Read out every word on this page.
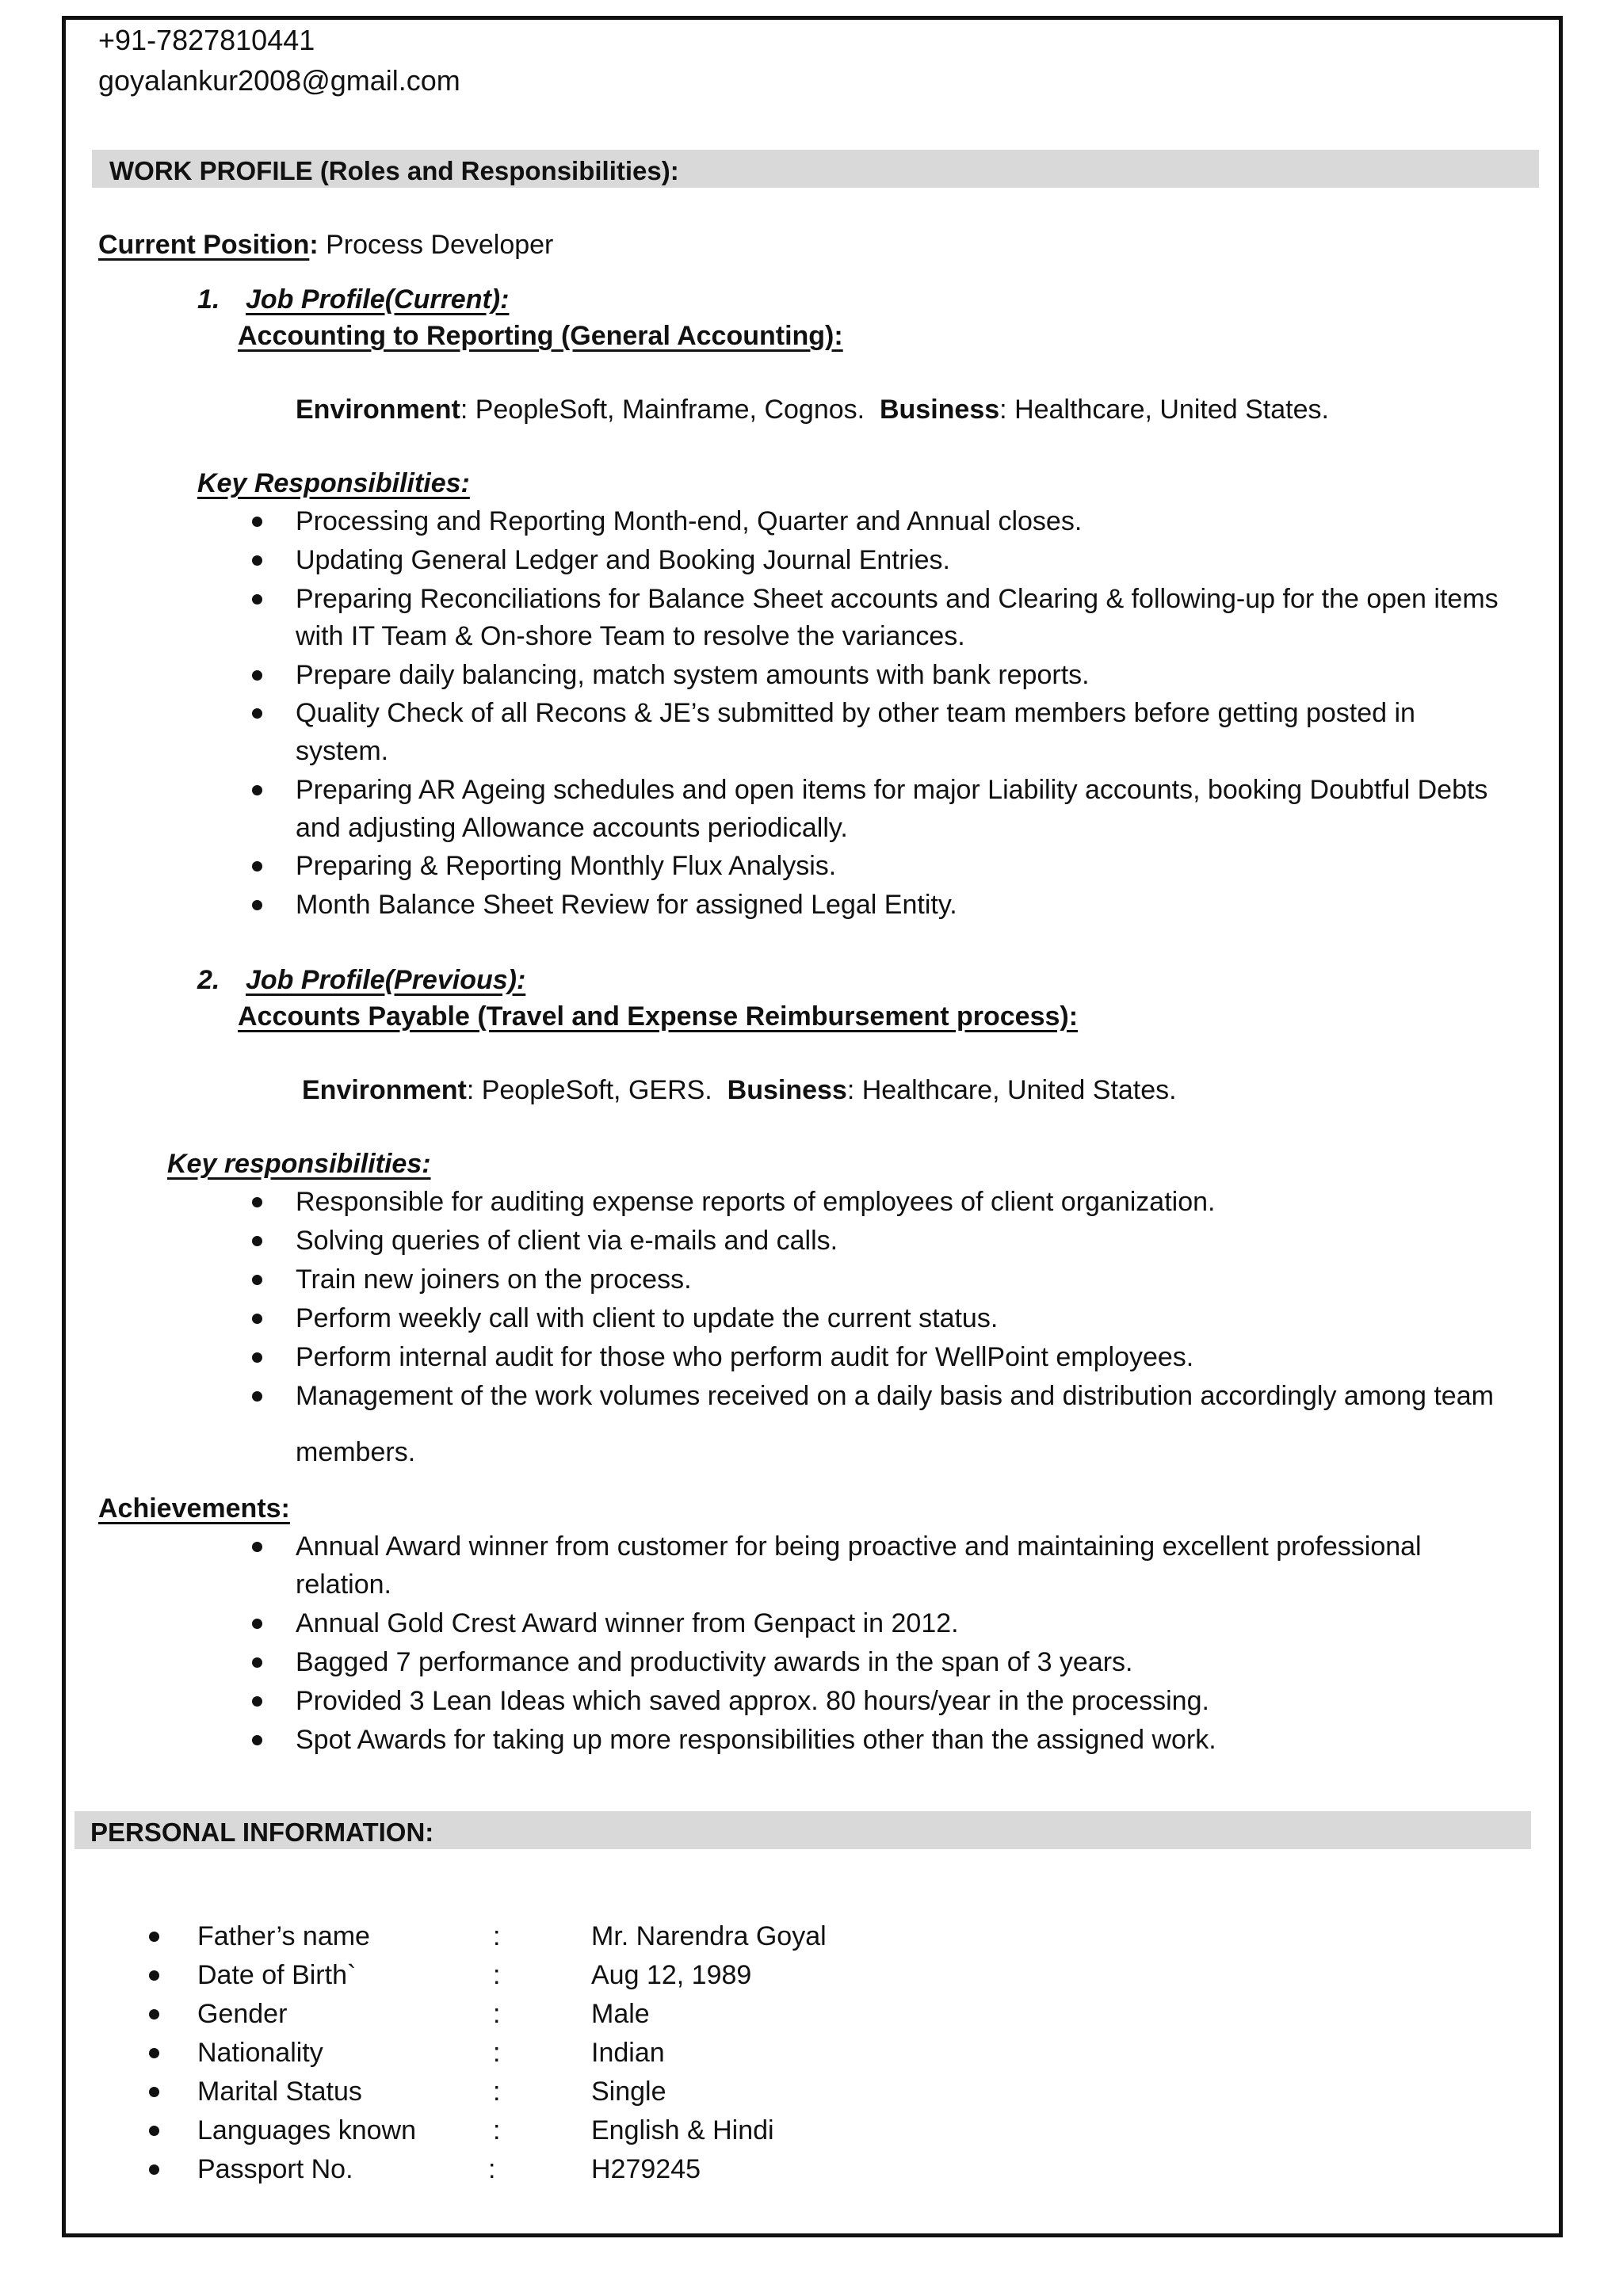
+91-7827810441
goyalankur2008@gmail.com
WORK PROFILE (Roles and Responsibilities):
Current Position: Process Developer
1. Job Profile(Current):
Accounting to Reporting (General Accounting):
Environment: PeopleSoft, Mainframe, Cognos. Business: Healthcare, United States.
Key Responsibilities:
Processing and Reporting Month-end, Quarter and Annual closes.
Updating General Ledger and Booking Journal Entries.
Preparing Reconciliations for Balance Sheet accounts and Clearing & following-up for the open items
with IT Team & On-shore Team to resolve the variances.
Prepare daily balancing, match system amounts with bank reports.
Quality Check of all Recons & JE’s submitted by other team members before getting posted in
system.
Preparing AR Ageing schedules and open items for major Liability accounts, booking Doubtful Debts
and adjusting Allowance accounts periodically.
Preparing & Reporting Monthly Flux Analysis.
Month Balance Sheet Review for assigned Legal Entity.
2. Job Profile(Previous):
Accounts Payable (Travel and Expense Reimbursement process):
Environment: PeopleSoft, GERS. Business: Healthcare, United States.
Key responsibilities:
Responsible for auditing expense reports of employees of client organization.
Solving queries of client via e-mails and calls.
Train new joiners on the process.
Perform weekly call with client to update the current status.
Perform internal audit for those who perform audit for WellPoint employees.
Management of the work volumes received on a daily basis and distribution accordingly among team
members.
Achievements:
Annual Award winner from customer for being proactive and maintaining excellent professional
relation.
Annual Gold Crest Award winner from Genpact in 2012.
Bagged 7 performance and productivity awards in the span of 3 years.
Provided 3 Lean Ideas which saved approx. 80 hours/year in the processing.
Spot Awards for taking up more responsibilities other than the assigned work.
PERSONAL INFORMATION:
Father’s name	:	Mr. Narendra Goyal
Date of Birth`	:	Aug 12, 1989
Gender	:	Male
Nationality	:	Indian
Marital Status	:	Single
Languages known	:	English & Hindi
Passport No.	:	H279245
